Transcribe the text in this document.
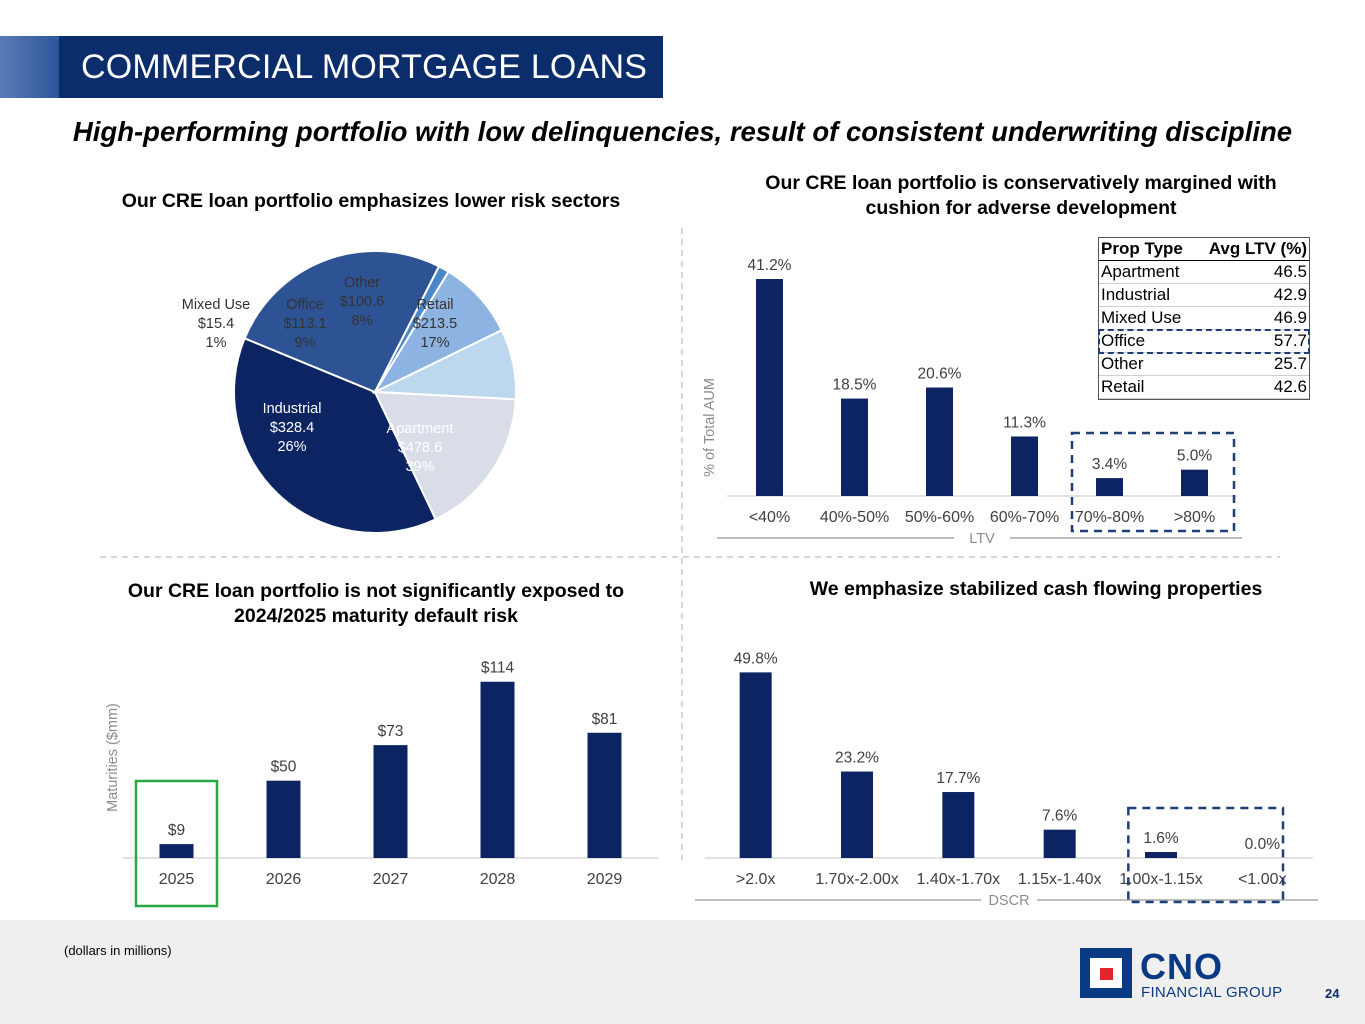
COMMERCIAL MORTGAGE LOANS
High-performing portfolio with low delinquencies, result of consistent underwriting discipline
Our CRE loan portfolio emphasizes lower risk sectors
Our CRE loan portfolio is conservatively margined with cushion for adverse development
Our CRE loan portfolio is not significantly exposed to 2024/2025 maturity default risk
We emphasize stabilized cash flowing properties
Apartment
$478.6
39%
Industrial
$328.4
26%
Mixed Use
$15.4
1%
Office
$113.1
9%
Other
$100.6
8%
Retail
$213.5
17%
41.2%
<40%
18.5%
40%-50%
20.6%
50%-60%
11.3%
60%-70%
3.4%
70%-80%
5.0%
>80%
% of Total AUM
LTV
Prop Type	Avg LTV (%)
Apartment	46.5
Industrial	42.9
Mixed Use	46.9
Office	57.7
Other	25.7
Retail	42.6
$9
2025
$50
2026
$73
2027
$114
2028
$81
2029
Maturities ($mm)
49.8%
>2.0x
23.2%
1.70x-2.00x
17.7%
1.40x-1.70x
7.6%
1.15x-1.40x
1.6%
1.00x-1.15x
0.0%
<1.00x
DSCR
(dollars in millions)	CNO
FINANCIAL GROUP	24
